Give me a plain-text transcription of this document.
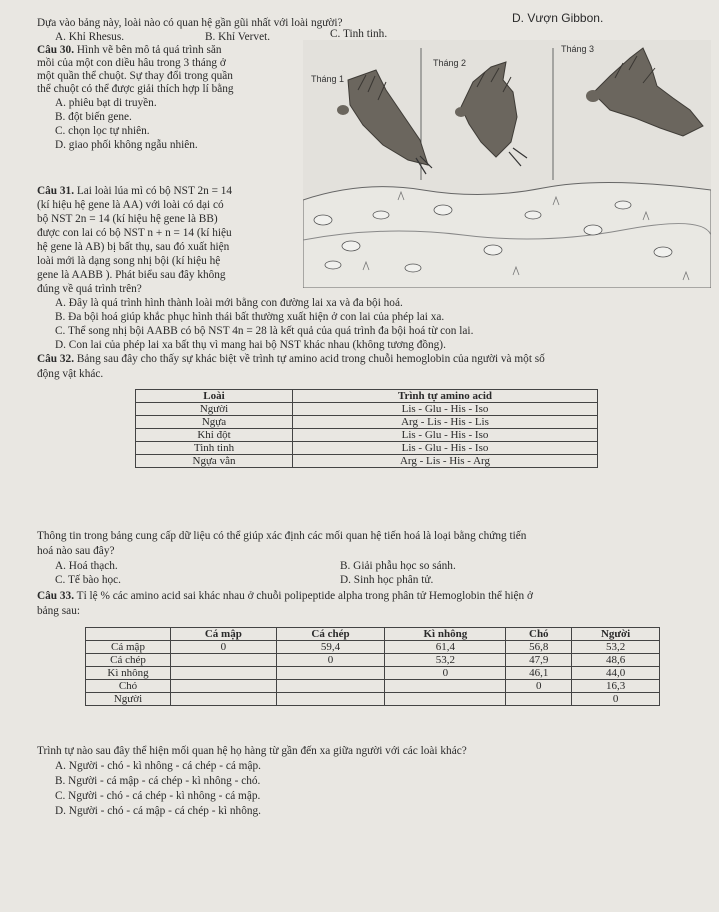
Dựa vào bảng này, loài nào có quan hệ gần gũi nhất với loài người?	D. Vượn Gibbon.
A. Khỉ Rhesus.	B. Khỉ Vervet.	C. Tinh tinh.
Câu 30. Hình vẽ bên mô tả quá trình săn
mồi của một con diều hâu trong 3 tháng ở
một quần thể chuột. Sự thay đổi trong quần
thể chuột có thể được giải thích hợp lí bằng
A. phiêu bạt di truyền.
B. đột biến gene.
C. chọn lọc tự nhiên.
D. giao phối không ngẫu nhiên.
Tháng 1
Tháng 2
Tháng 3
Câu 31. Lai loài lúa mì có bộ NST 2n = 14
(kí hiệu hệ gene là AA) với loài có dại có
bộ NST 2n = 14 (kí hiệu hệ gene là BB)
được con lai có bộ NST n + n = 14 (kí hiệu
hệ gene là AB) bị bất thụ, sau đó xuất hiện
loài mới là dạng song nhị bội (kí hiệu hệ
gene là AABB ). Phát biểu sau đây không
đúng về quá trình trên?
A. Đây là quá trình hình thành loài mới bằng con đường lai xa và đa bội hoá.
B. Đa bội hoá giúp khắc phục hình thái bất thường xuất hiện ở con lai của phép lai xa.
C. Thể song nhị bội AABB có bộ NST 4n = 28 là kết quả của quá trình đa bội hoá từ con lai.
D. Con lai của phép lai xa bất thụ vì mang hai bộ NST khác nhau (không tương đồng).
Câu 32. Bảng sau đây cho thấy sự khác biệt về trình tự amino acid trong chuỗi hemoglobin của người và một số
động vật khác.
Loài	Trình tự amino acid
Người	Lis - Glu - His - Iso
Ngựa	Arg - Lis - His - Lis
Khỉ đột	Lis - Glu - His - Iso
Tinh tinh	Lis - Glu - His - Iso
Ngựa vằn	Arg - Lis - His - Arg
Thông tin trong bảng cung cấp dữ liệu có thể giúp xác định các mối quan hệ tiến hoá là loại bằng chứng tiến
hoá nào sau đây?
A. Hoá thạch.	B. Giải phẫu học so sánh.
C. Tế bào học.	D. Sinh học phân tử.
Câu 33. Tỉ lệ % các amino acid sai khác nhau ở chuỗi polipeptide alpha trong phân tử Hemoglobin thể hiện ở
bảng sau:
	Cá mập	Cá chép	Kì nhông	Chó	Người
Cá mập	0	59,4	61,4	56,8	53,2
Cá chép		0	53,2	47,9	48,6
Kì nhông			0	46,1	44,0
Chó				0	16,3
Người					0
Trình tự nào sau đây thể hiện mối quan hệ họ hàng từ gần đến xa giữa người với các loài khác?
A. Người - chó - kì nhông - cá chép - cá mập.
B. Người - cá mập - cá chép - kì nhông - chó.
C. Người - chó - cá chép - kì nhông - cá mập.
D. Người - chó - cá mập - cá chép - kì nhông.
